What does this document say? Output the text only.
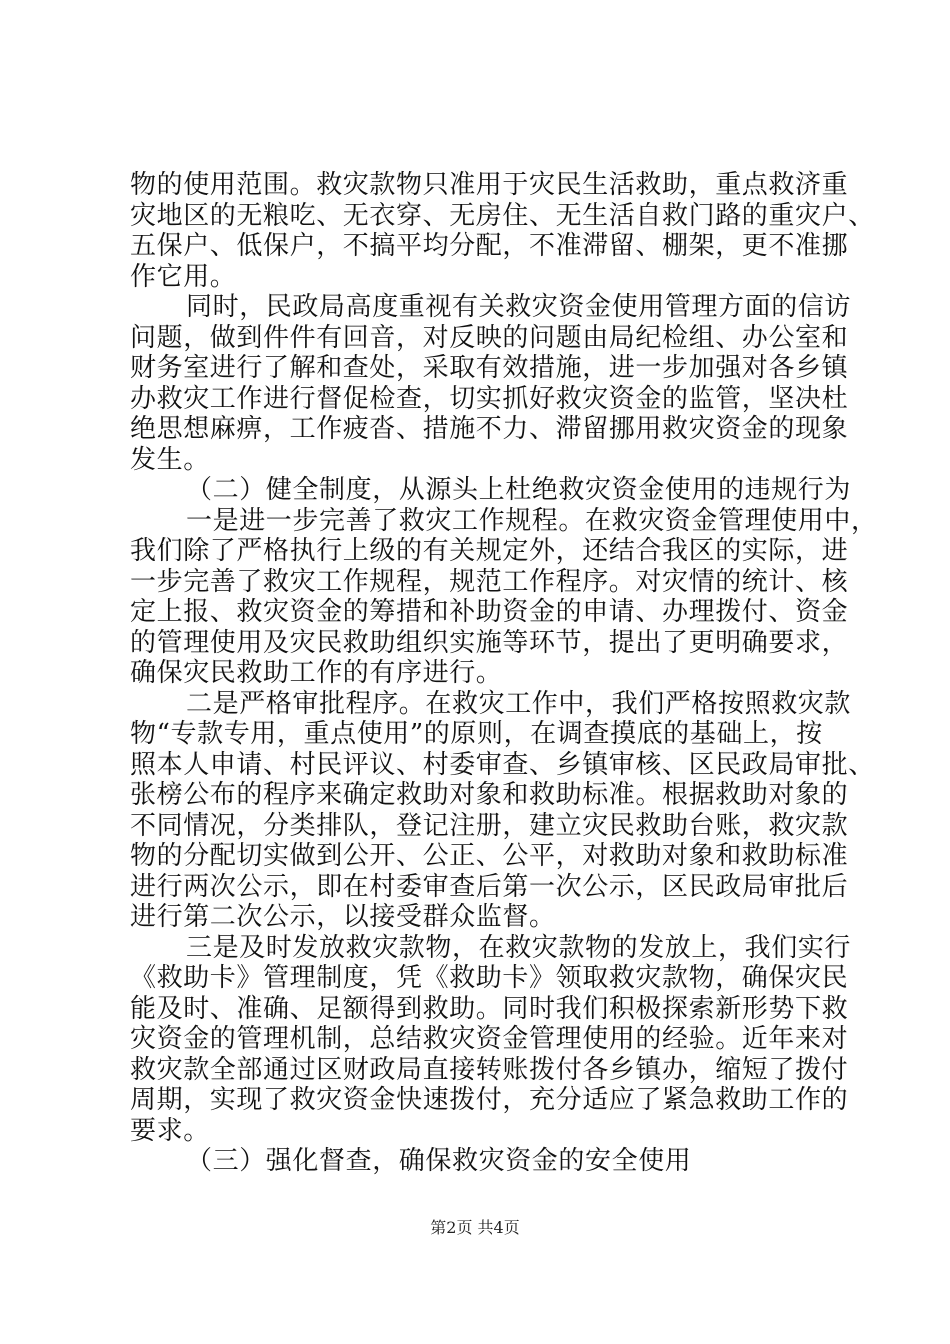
物的使用范围。救灾款物只准用于灾民生活救助，重点救济重
灾地区的无粮吃、无衣穿、无房住、无生活自救门路的重灾户、
五保户、低保户，不搞平均分配，不准滞留、棚架，更不准挪
作它用。
同时，民政局高度重视有关救灾资金使用管理方面的信访
问题，做到件件有回音，对反映的问题由局纪检组、办公室和
财务室进行了解和查处，采取有效措施，进一步加强对各乡镇
办救灾工作进行督促检查，切实抓好救灾资金的监管，坚决杜
绝思想麻痹，工作疲沓、措施不力、滞留挪用救灾资金的现象
发生。
（二）健全制度，从源头上杜绝救灾资金使用的违规行为
一是进一步完善了救灾工作规程。在救灾资金管理使用中，
我们除了严格执行上级的有关规定外，还结合我区的实际，进
一步完善了救灾工作规程，规范工作程序。对灾情的统计、核
定上报、救灾资金的筹措和补助资金的申请、办理拨付、资金
的管理使用及灾民救助组织实施等环节，提出了更明确要求，
确保灾民救助工作的有序进行。
二是严格审批程序。在救灾工作中，我们严格按照救灾款
物“专款专用，重点使用”的原则，在调查摸底的基础上，按
照本人申请、村民评议、村委审查、乡镇审核、区民政局审批、
张榜公布的程序来确定救助对象和救助标准。根据救助对象的
不同情况，分类排队，登记注册，建立灾民救助台账，救灾款
物的分配切实做到公开、公正、公平，对救助对象和救助标准
进行两次公示，即在村委审查后第一次公示，区民政局审批后
进行第二次公示，以接受群众监督。
三是及时发放救灾款物，在救灾款物的发放上，我们实行
《救助卡》管理制度，凭《救助卡》领取救灾款物，确保灾民
能及时、准确、足额得到救助。同时我们积极探索新形势下救
灾资金的管理机制，总结救灾资金管理使用的经验。近年来对
救灾款全部通过区财政局直接转账拨付各乡镇办，缩短了拨付
周期，实现了救灾资金快速拨付，充分适应了紧急救助工作的
要求。
（三）强化督查，确保救灾资金的安全使用
第2页 共4页
